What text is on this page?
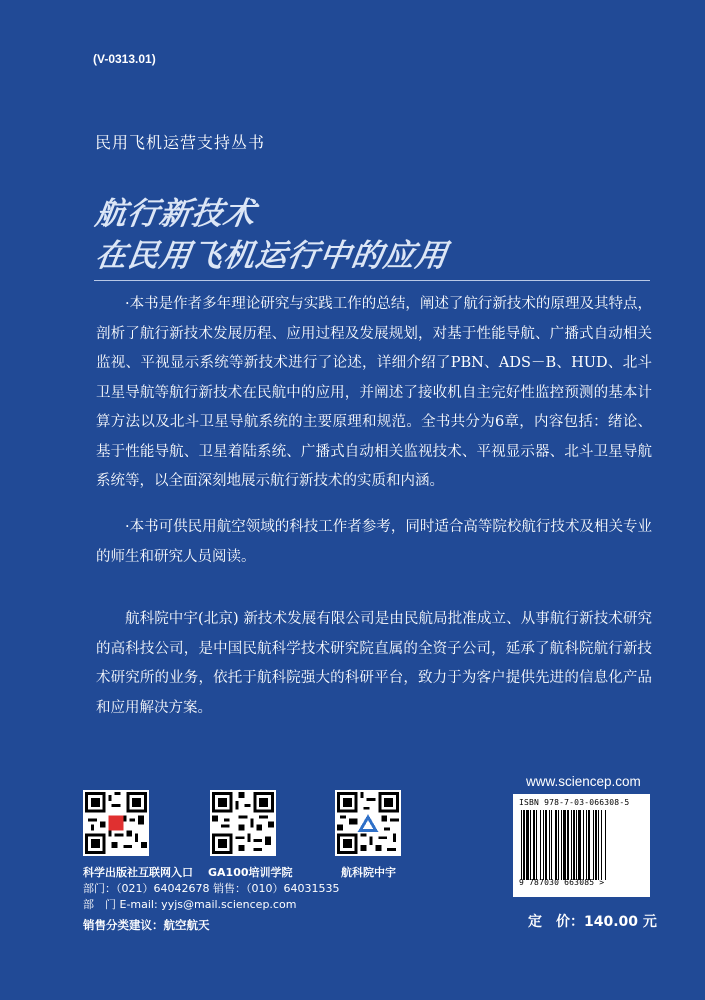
(V-0313.01)
民用飞机运营支持丛书
航行新技术
在民用飞机运行中的应用
·本书是作者多年理论研究与实践工作的总结，阐述了航行新技术的原理及其特点，剖析了航行新技术发展历程、应用过程及发展规划，对基于性能导航、广播式自动相关监视、平视显示系统等新技术进行了论述，详细介绍了PBN、ADS－B、HUD、北斗卫星导航等航行新技术在民航中的应用，并阐述了接收机自主完好性监控预测的基本计算方法以及北斗卫星导航系统的主要原理和规范。全书共分为6章，内容包括：绪论、基于性能导航、卫星着陆系统、广播式自动相关监视技术、平视显示器、北斗卫星导航系统等，以全面深刻地展示航行新技术的实质和内涵。
·本书可供民用航空领域的科技工作者参考，同时适合高等院校航行技术及相关专业的师生和研究人员阅读。
航科院中宇(北京) 新技术发展有限公司是由民航局批准成立、从事航行新技术研究的高科技公司，是中国民航科学技术研究院直属的全资子公司，延承了航科院航行新技术研究所的业务，依托于航科院强大的科研平台，致力于为客户提供先进的信息化产品和应用解决方案。
www.sciencep.com
科学出版社互联网入口 GA100培训学院	航科院中宇
部门：（021）64042678 销售：（010）64031535
部　门 E-mail: yyjs@mail.sciencep.com
销售分类建议：航空航天
ISBN 978-7-03-066308-5
9 787030 663085 >
定　价：140.00 元
